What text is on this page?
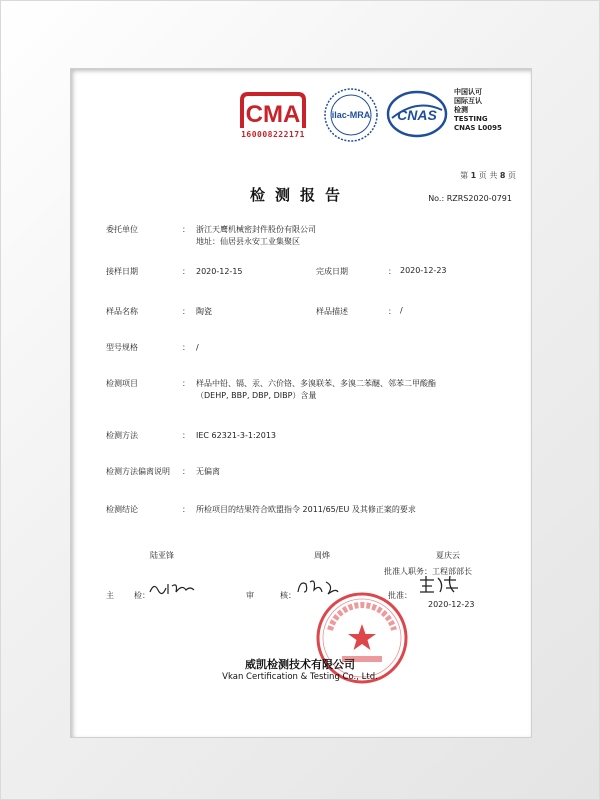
CMA
160008222171
ilac-MRA CNAS
中国认可
国际互认
检测
TESTING
CNAS L0095
第 1 页 共 8 页
检测报告	No.: RZRS2020-0791
委托单位	： 浙江天鹰机械密封件股份有限公司
地址：仙居县永安工业集聚区
接样日期	： 2020-12-15	完成日期	： 2020-12-23
样品名称	： 陶瓷	样品描述	： /
型号规格	： /
检测项目	： 样品中铅、镉、汞、六价铬、多溴联苯、多溴二苯醚、邻苯二甲酸酯
（DEHP, BBP, DBP, DIBP）含量
检测方法	： IEC 62321-3-1:2013
检测方法偏离说明 ： 无偏离
检测结论	： 所检项目的结果符合欧盟指令 2011/65/EU 及其修正案的要求
陆亚锋	周烨	夏庆云
批准人职务：工程部部长
主	检：	审	核：	批准：
2020-12-23
威凯检测技术有限公司
Vkan Certification & Testing Co., Ltd.
